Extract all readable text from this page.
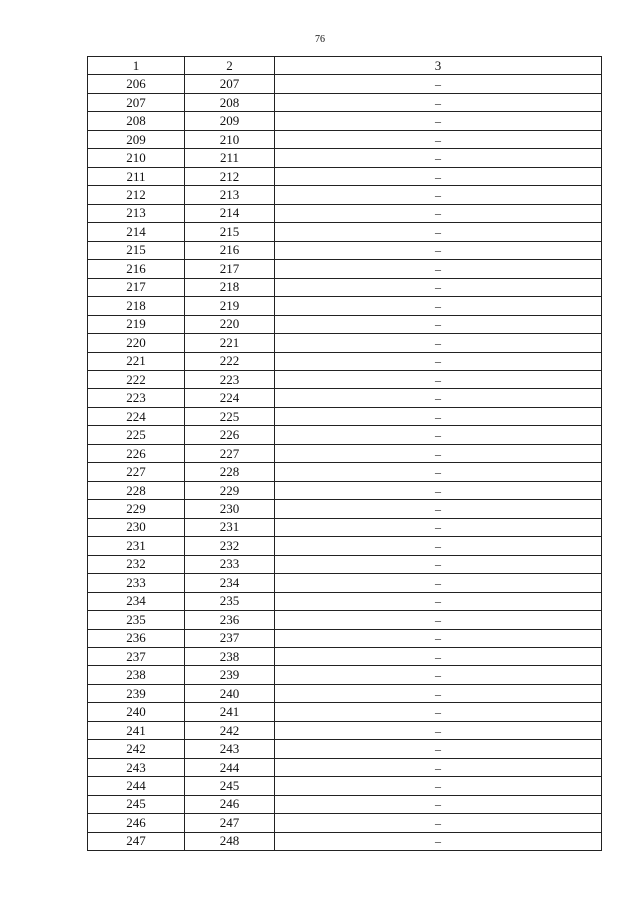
76
1	2	3
206	207	–
207	208	–
208	209	–
209	210	–
210	211	–
211	212	–
212	213	–
213	214	–
214	215	–
215	216	–
216	217	–
217	218	–
218	219	–
219	220	–
220	221	–
221	222	–
222	223	–
223	224	–
224	225	–
225	226	–
226	227	–
227	228	–
228	229	–
229	230	–
230	231	–
231	232	–
232	233	–
233	234	–
234	235	–
235	236	–
236	237	–
237	238	–
238	239	–
239	240	–
240	241	–
241	242	–
242	243	–
243	244	–
244	245	–
245	246	–
246	247	–
247	248	–
